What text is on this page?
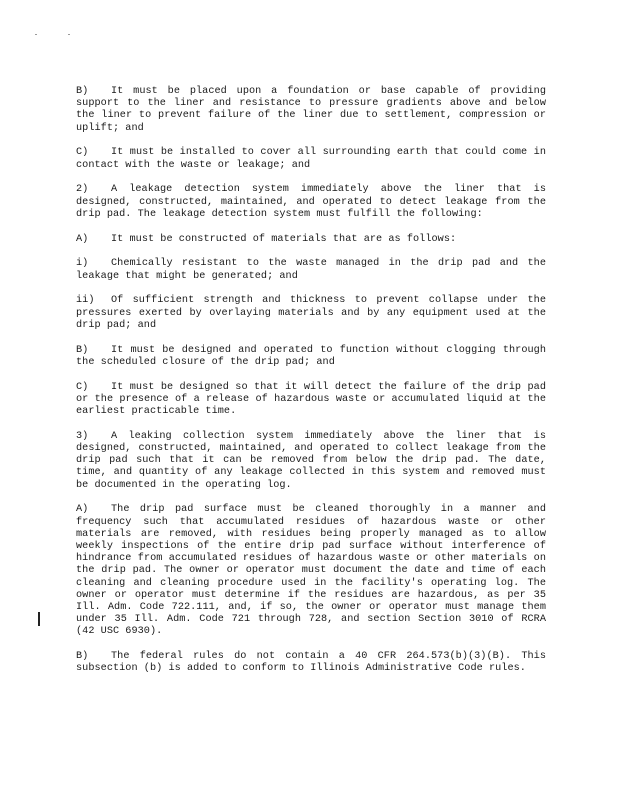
B) It must be placed upon a foundation or base capable of providing support to the liner and resistance to pressure gradients above and below the liner to prevent failure of the liner due to settlement, compression or uplift; and

C) It must be installed to cover all surrounding earth that could come in contact with the waste or leakage; and

2) A leakage detection system immediately above the liner that is designed, constructed, maintained, and operated to detect leakage from the drip pad. The leakage detection system must fulfill the following:

A) It must be constructed of materials that are as follows:

i) Chemically resistant to the waste managed in the drip pad and the leakage that might be generated; and

ii) Of sufficient strength and thickness to prevent collapse under the pressures exerted by overlaying materials and by any equipment used at the drip pad; and

B) It must be designed and operated to function without clogging through the scheduled closure of the drip pad; and

C) It must be designed so that it will detect the failure of the drip pad or the presence of a release of hazardous waste or accumulated liquid at the earliest practicable time.

3) A leaking collection system immediately above the liner that is designed, constructed, maintained, and operated to collect leakage from the drip pad such that it can be removed from below the drip pad. The date, time, and quantity of any leakage collected in this system and removed must be documented in the operating log.

A) The drip pad surface must be cleaned thoroughly in a manner and frequency such that accumulated residues of hazardous waste or other materials are removed, with residues being properly managed as to allow weekly inspections of the entire drip pad surface without interference of hindrance from accumulated residues of hazardous waste or other materials on the drip pad. The owner or operator must document the date and time of each cleaning and cleaning procedure used in the facility's operating log. The owner or operator must determine if the residues are hazardous, as per 35 Ill. Adm. Code 722.111, and, if so, the owner or operator must manage them under 35 Ill. Adm. Code 721 through 728, and section Section 3010 of RCRA (42 USC 6930).

B) The federal rules do not contain a 40 CFR 264.573(b)(3)(B). This subsection (b) is added to conform to Illinois Administrative Code rules.
